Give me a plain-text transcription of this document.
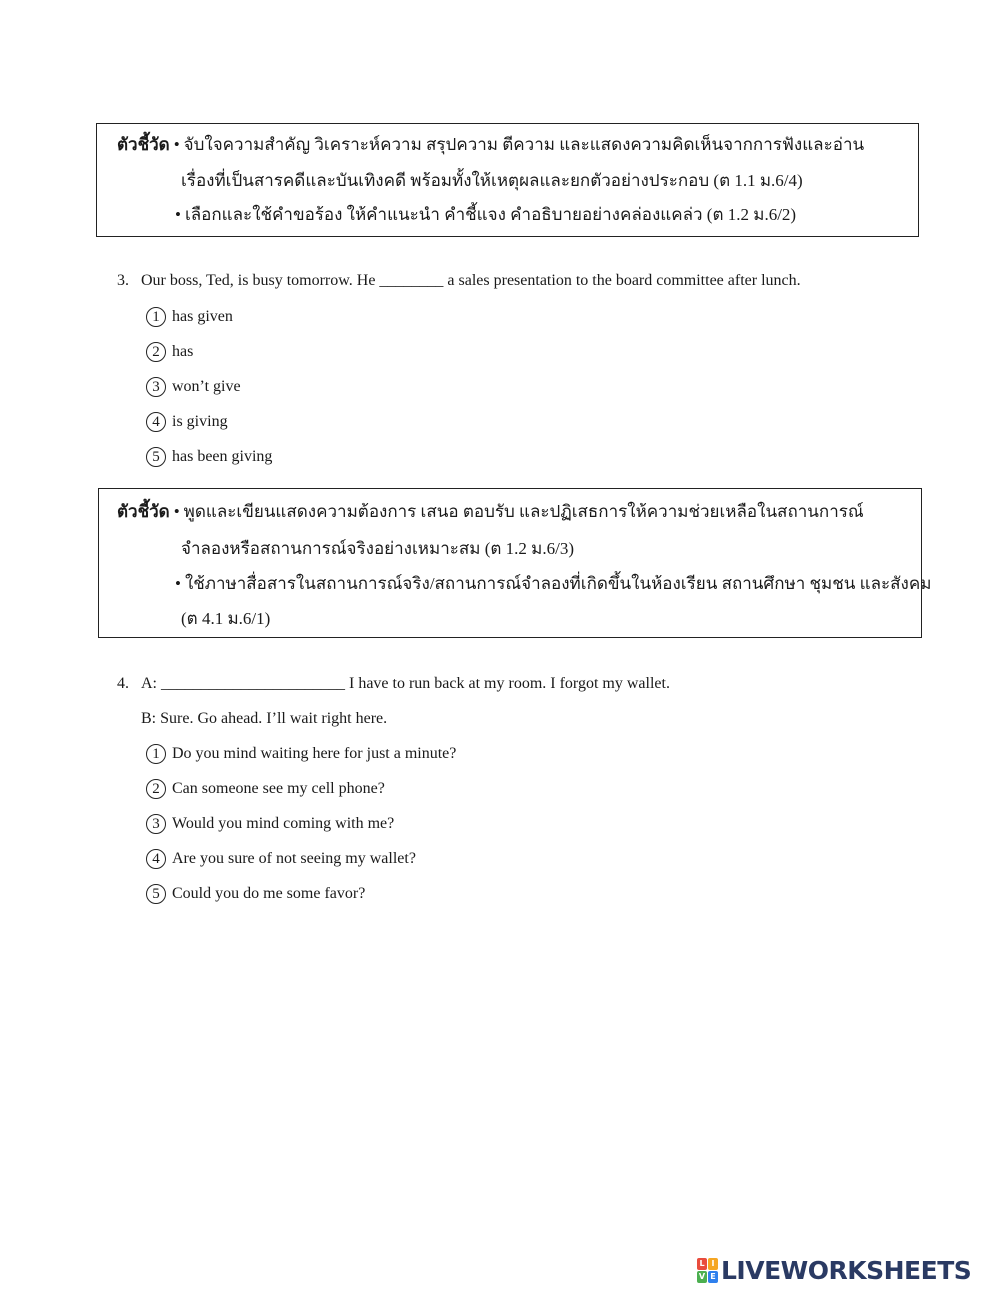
ตัวชี้วัด • จับใจความสำคัญ วิเคราะห์ความ สรุปความ ตีความ และแสดงความคิดเห็นจากการฟังและอ่าน
เรื่องที่เป็นสารคดีและบันเทิงคดี พร้อมทั้งให้เหตุผลและยกตัวอย่างประกอบ (ต 1.1 ม.6/4)
• เลือกและใช้คำขอร้อง ให้คำแนะนำ คำชี้แจง คำอธิบายอย่างคล่องแคล่ว (ต 1.2 ม.6/2)
3. Our boss, Ted, is busy tomorrow. He ________ a sales presentation to the board committee after lunch.
1 has given
2 has
3 won’t give
4 is giving
5 has been giving
ตัวชี้วัด • พูดและเขียนแสดงความต้องการ เสนอ ตอบรับ และปฏิเสธการให้ความช่วยเหลือในสถานการณ์
จำลองหรือสถานการณ์จริงอย่างเหมาะสม (ต 1.2 ม.6/3)
• ใช้ภาษาสื่อสารในสถานการณ์จริง/สถานการณ์จำลองที่เกิดขึ้นในห้องเรียน สถานศึกษา ชุมชน และสังคม
(ต 4.1 ม.6/1)
4. A: _______________________ I have to run back at my room. I forgot my wallet.
B: Sure. Go ahead. I’ll wait right here.
1 Do you mind waiting here for just a minute?
2 Can someone see my cell phone?
3 Would you mind coming with me?
4 Are you sure of not seeing my wallet?
5 Could you do me some favor?
L I
V E LIVEWORKSHEETS
